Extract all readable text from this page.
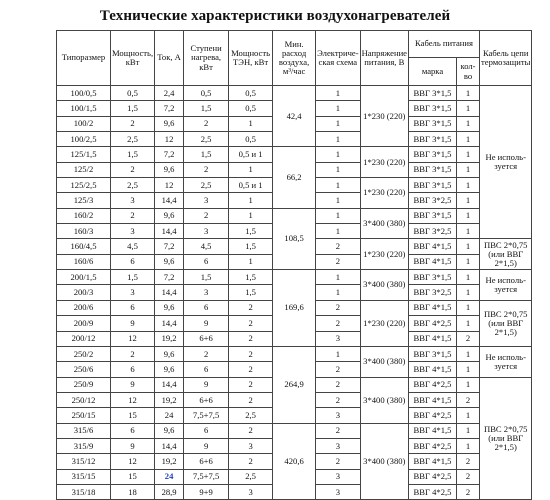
Технические характеристики воздухонагревателей
Типоразмер	Мощность, кВт	Ток, А	Ступени нагрева, кВт	Мощность ТЭН, кВт	Мин. расход воздуха, м³/час	Электриче- ская схема	Напряжение питания, В	Кабель питания		Кабель цепи термозащиты
								марка	кол-во	
100/0,5	0,5	2,4	0,5	0,5	42,4	1	1*230 (220)	ВВГ 3*1,5	1	Не исполь- зуется
100/1,5	1,5	7,2	1,5	0,5		1		ВВГ 3*1,5	1	
100/2	2	9,6	2	1		1		ВВГ 3*1,5	1	
100/2,5	2,5	12	2,5	0,5		1		ВВГ 3*1,5	1	
125/1,5	1,5	7,2	1,5	0,5 и 1	66,2	1	1*230 (220)	ВВГ 3*1,5	1	
125/2	2	9,6	2	1		1		ВВГ 3*1,5	1	
125/2,5	2,5	12	2,5	0,5 и 1		1	1*230 (220)	ВВГ 3*1,5	1	
125/3	3	14,4	3	1		1		ВВГ 3*2,5	1	
160/2	2	9,6	2	1	108,5	1	3*400 (380)	ВВГ 3*1,5	1	
160/3	3	14,4	3	1,5		1		ВВГ 3*2,5	1	
160/4,5	4,5	7,2	4,5	1,5		2	1*230 (220)	ВВГ 4*1,5	1	ПВС 2*0,75 (или ВВГ 2*1,5)
160/6	6	9,6	6	1		2		ВВГ 4*1,5	1	
200/1,5	1,5	7,2	1,5	1,5	169,6	1	3*400 (380)	ВВГ 3*1,5	1	Не исполь- зуется
200/3	3	14,4	3	1,5		1		ВВГ 3*2,5	1	
200/6	6	9,6	6	2		2	1*230 (220)	ВВГ 4*1,5	1	ПВС 2*0,75 (или ВВГ 2*1,5)
200/9	9	14,4	9	2		2		ВВГ 4*2,5	1	
200/12	12	19,2	6+6	2		3		ВВГ 4*1,5	2	
250/2	2	9,6	2	2	264,9	1	3*400 (380)	ВВГ 3*1,5	1	Не исполь- зуется
250/6	6	9,6	6	2		2		ВВГ 4*1,5	1	
250/9	9	14,4	9	2		2	3*400 (380)	ВВГ 4*2,5	1	ПВС 2*0,75 (или ВВГ 2*1,5)
250/12	12	19,2	6+6	2		2		ВВГ 4*1,5	2	
250/15	15	24	7,5+7,5	2,5		3		ВВГ 4*2,5	1	
315/6	6	9,6	6	2	420,6	2	3*400 (380)	ВВГ 4*1,5	1	
315/9	9	14,4	9	3		3		ВВГ 4*2,5	1	
315/12	12	19,2	6+6	2		2		ВВГ 4*1,5	2	
315/15	15	24	7,5+7,5	2,5		3		ВВГ 4*2,5	2	
315/18	18	28,9	9+9	3		3		ВВГ 4*2,5	2	
